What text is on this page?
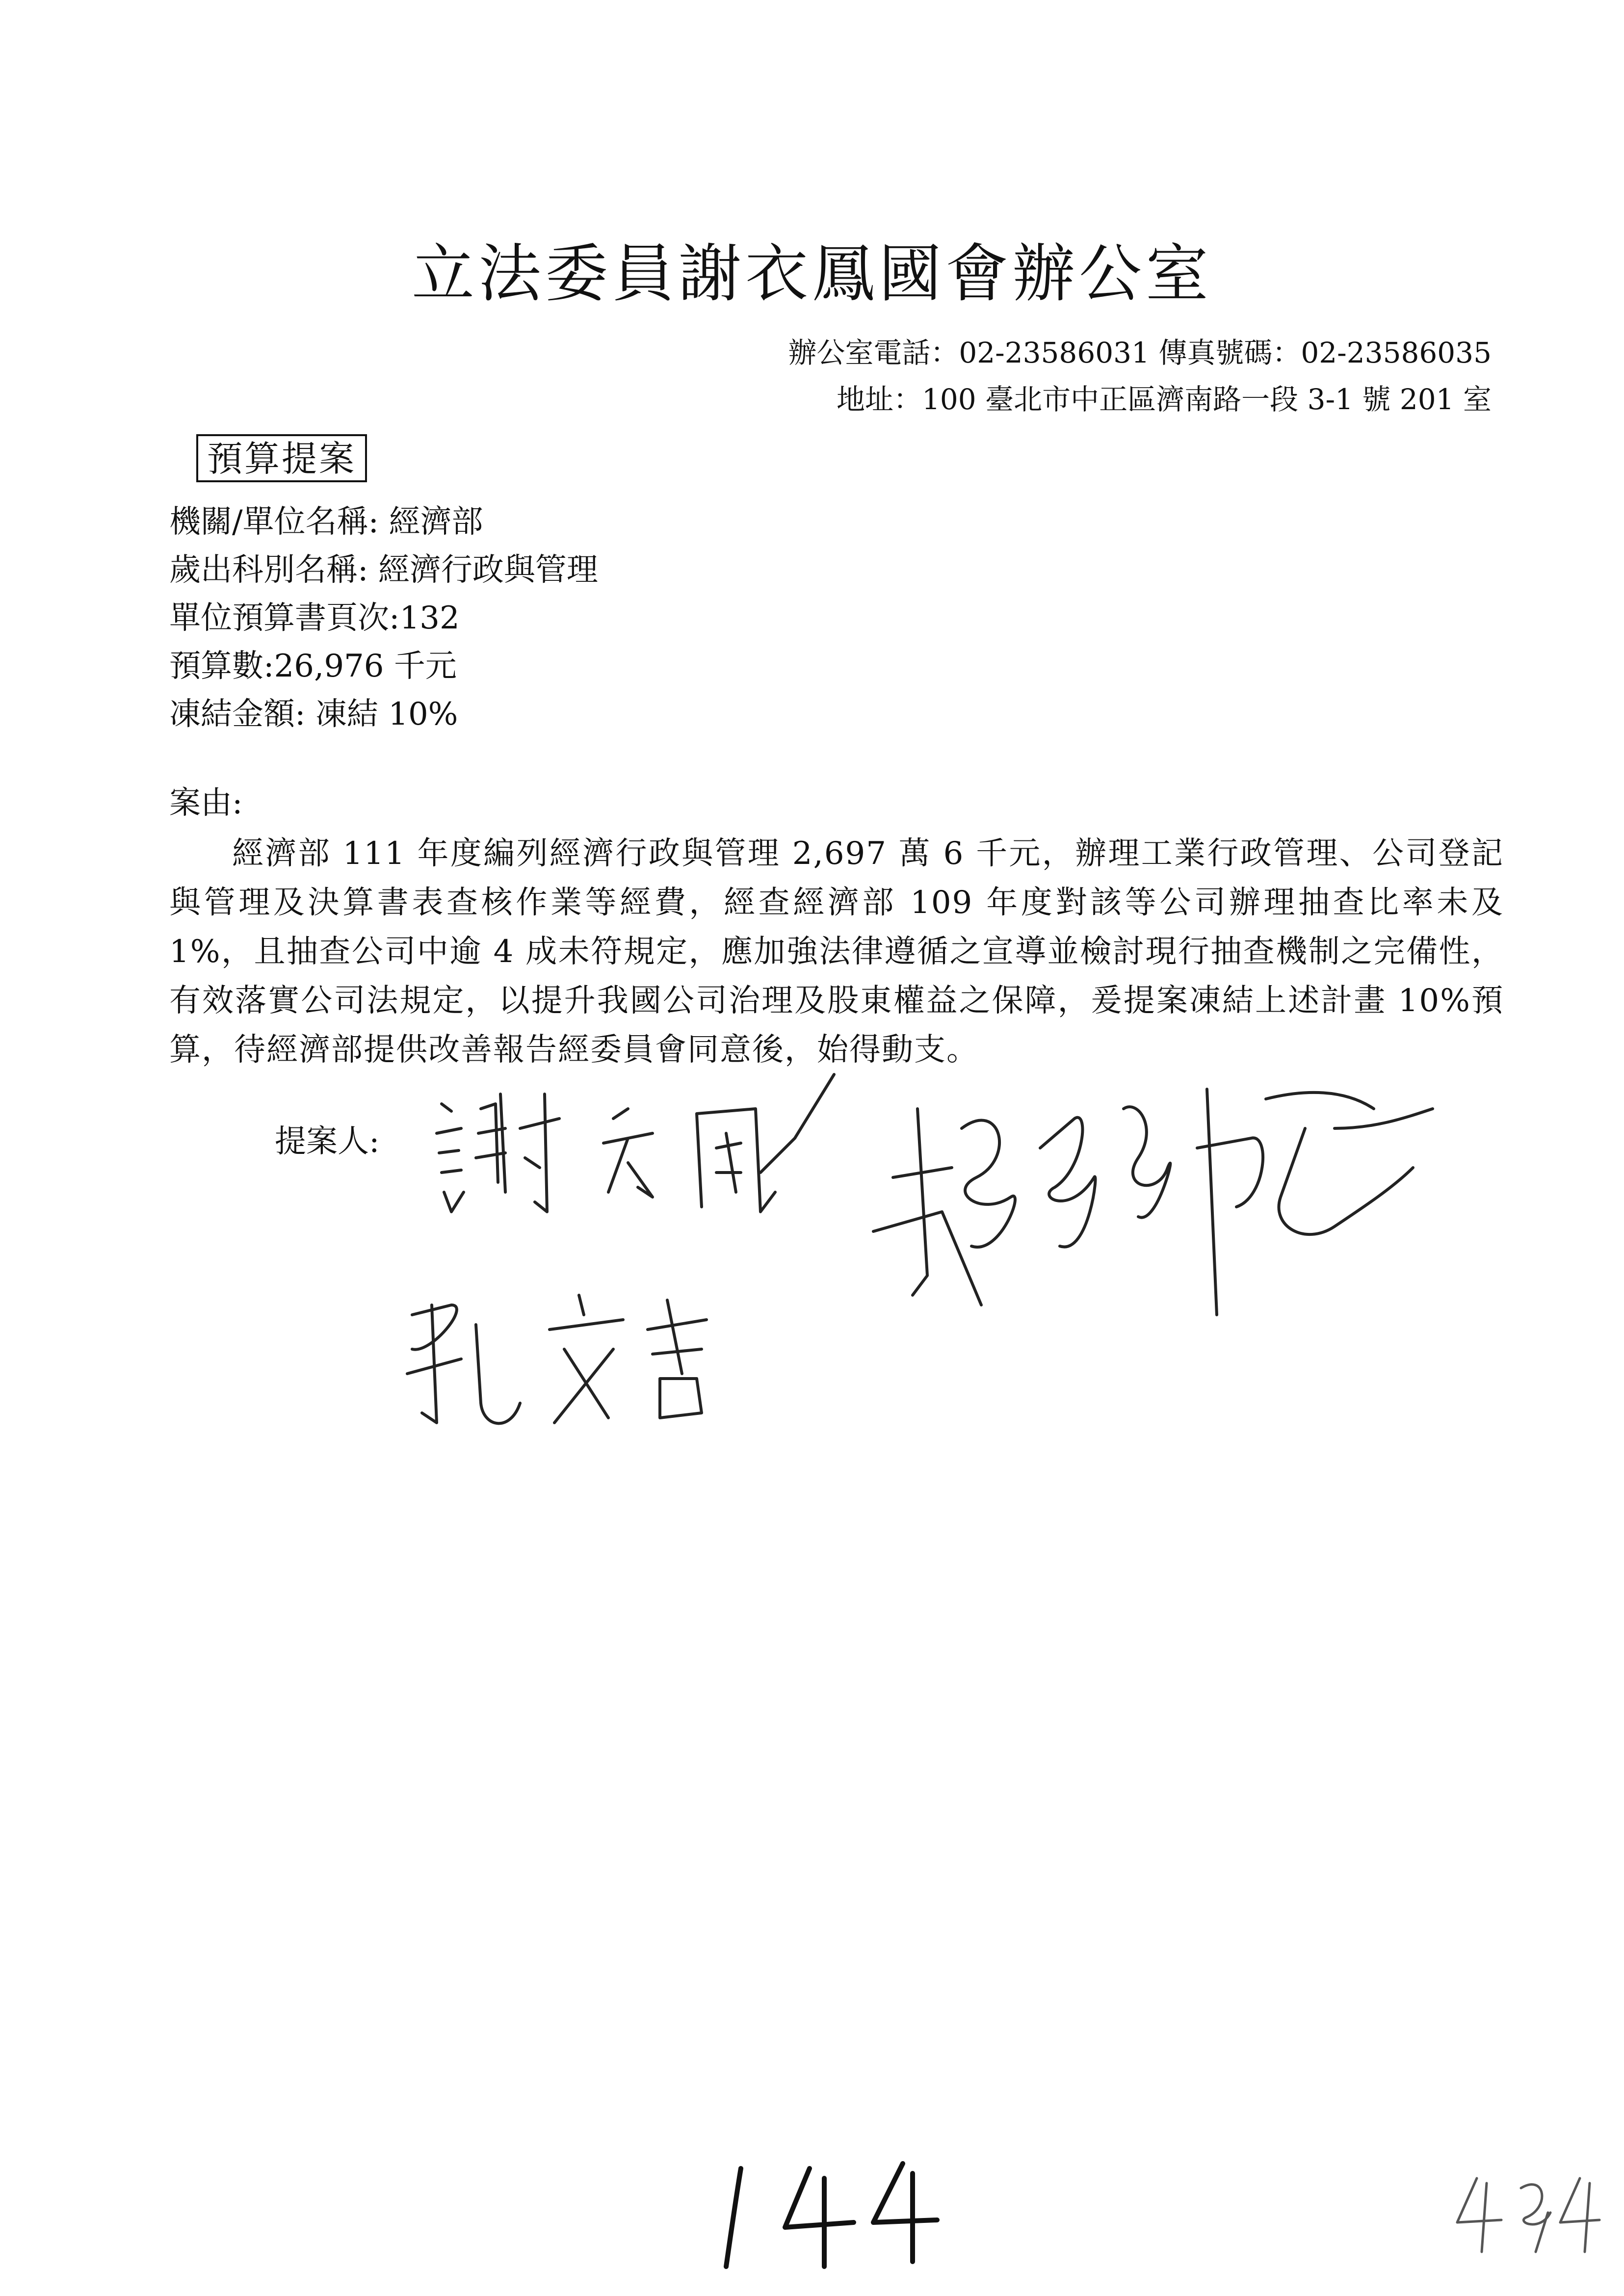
立法委員謝衣鳳國會辦公室
辦公室電話：02-23586031 傳真號碼：02-23586035
地址：100 臺北市中正區濟南路一段 3-1 號 201 室
預算提案
機關/單位名稱: 經濟部
歲出科別名稱: 經濟行政與管理
單位預算書頁次:132
預算數:26,976 千元
凍結金額: 凍結 10%
案由:
經濟部 111 年度編列經濟行政與管理 2,697 萬 6 千元，辦理工業行政管理、公司登記與管理及決算書表查核作業等經費，經查經濟部 109 年度對該等公司辦理抽查比率未及 1%，且抽查公司中逾 4 成未符規定，應加強法律遵循之宣導並檢討現行抽查機制之完備性，有效落實公司法規定，以提升我國公司治理及股東權益之保障，爰提案凍結上述計畫 10%預算，待經濟部提供改善報告經委員會同意後，始得動支。
提案人:
